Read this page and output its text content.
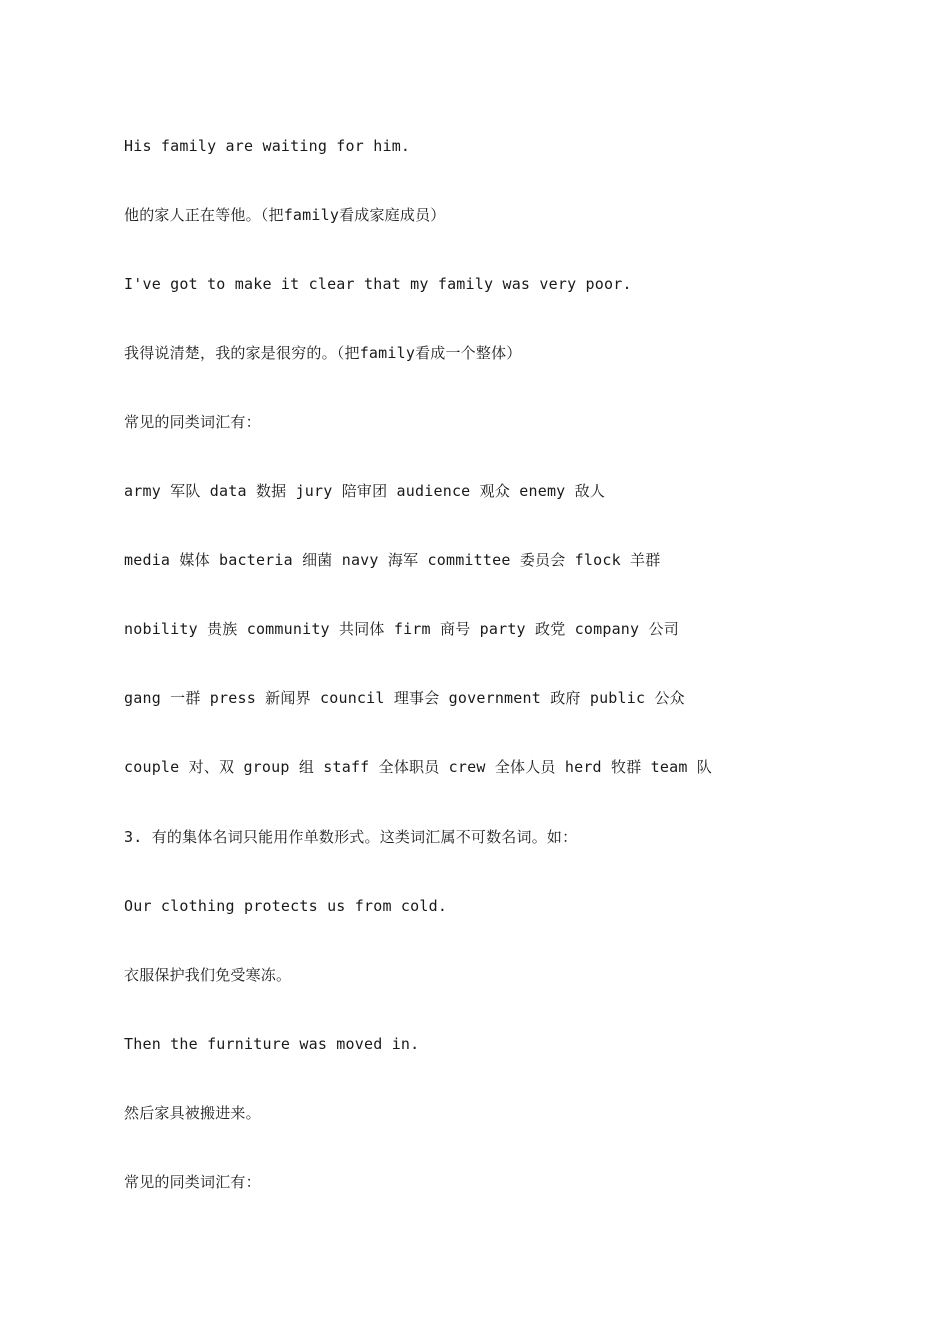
His family are waiting for him.

他的家人正在等他。（把family看成家庭成员）

I've got to make it clear that my family was very poor.

我得说清楚，我的家是很穷的。（把family看成一个整体）

常见的同类词汇有：

army 军队 data 数据 jury 陪审团 audience 观众 enemy 敌人

media 媒体 bacteria 细菌 navy 海军 committee 委员会 flock 羊群

nobility 贵族 community 共同体 firm 商号 party 政党 company 公司

gang 一群 press 新闻界 council 理事会 government 政府 public 公众

couple 对、双 group 组 staff 全体职员 crew 全体人员 herd 牧群 team 队

3. 有的集体名词只能用作单数形式。这类词汇属不可数名词。如：

Our clothing protects us from cold.

衣服保护我们免受寒冻。

Then the furniture was moved in.

然后家具被搬进来。

常见的同类词汇有：
